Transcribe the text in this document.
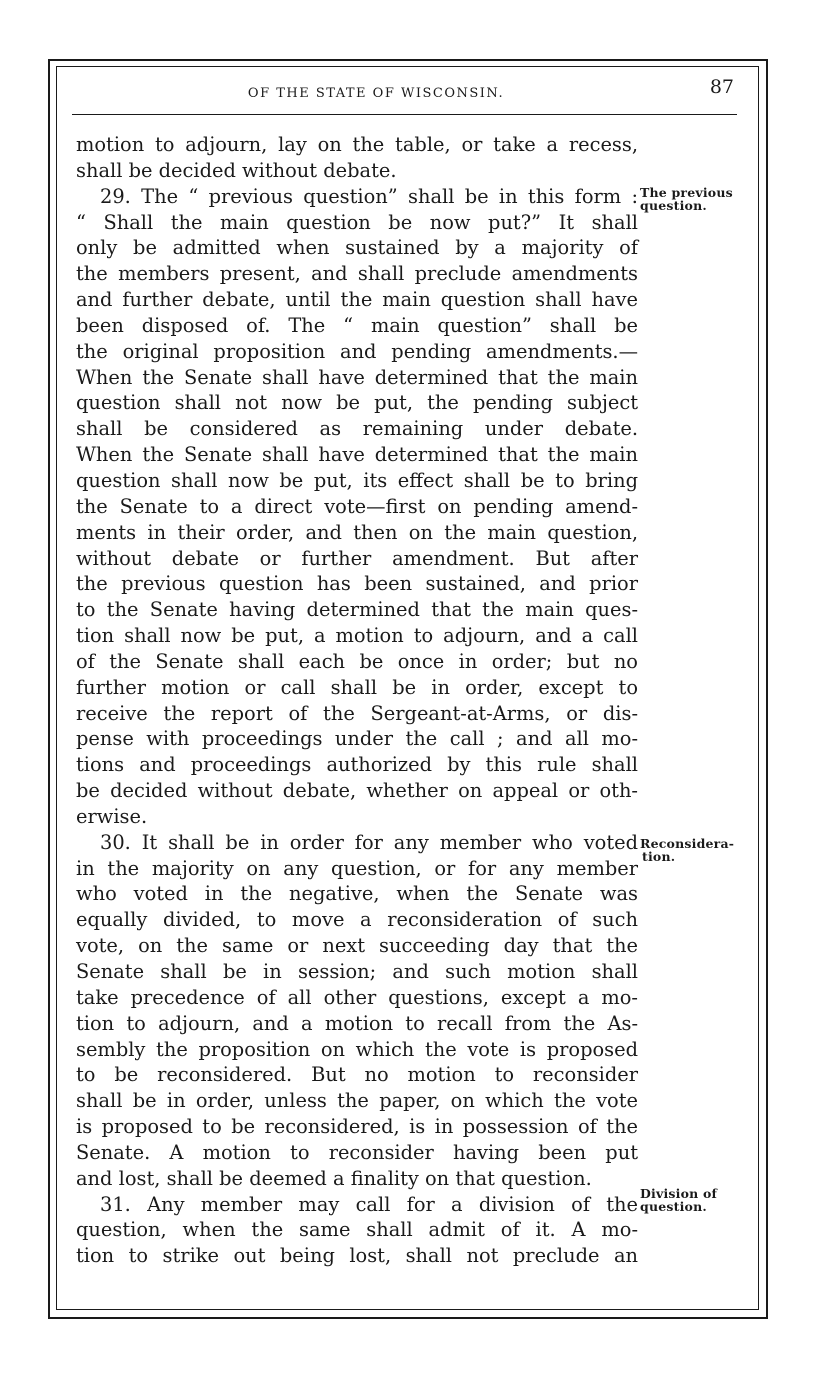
OF THE STATE OF WISCONSIN.	87
motion to adjourn, lay on the table, or take a recess,
shall be decided without debate.
29. The “ previous question” shall be in this form :
“ Shall the main question be now put?” It shall
only be admitted when sustained by a majority of
the members present, and shall preclude amendments
and further debate, until the main question shall have
been disposed of. The “ main question” shall be
the original proposition and pending amendments.—
When the Senate shall have determined that the main
question shall not now be put, the pending subject
shall be considered as remaining under debate.
When the Senate shall have determined that the main
question shall now be put, its effect shall be to bring
the Senate to a direct vote—first on pending amend-
ments in their order, and then on the main question,
without debate or further amendment. But after
the previous question has been sustained, and prior
to the Senate having determined that the main ques-
tion shall now be put, a motion to adjourn, and a call
of the Senate shall each be once in order; but no
further motion or call shall be in order, except to
receive the report of the Sergeant-at-Arms, or dis-
pense with proceedings under the call ; and all mo-
tions and proceedings authorized by this rule shall
be decided without debate, whether on appeal or oth-
erwise.
30. It shall be in order for any member who voted
in the majority on any question, or for any member
who voted in the negative, when the Senate was
equally divided, to move a reconsideration of such
vote, on the same or next succeeding day that the
Senate shall be in session; and such motion shall
take precedence of all other questions, except a mo-
tion to adjourn, and a motion to recall from the As-
sembly the proposition on which the vote is proposed
to be reconsidered. But no motion to reconsider
shall be in order, unless the paper, on which the vote
is proposed to be reconsidered, is in possession of the
Senate. A motion to reconsider having been put
and lost, shall be deemed a finality on that question.
31. Any member may call for a division of the
question, when the same shall admit of it. A mo-
tion to strike out being lost, shall not preclude an
The previous
question.
Reconsidera-
tion.
Division of
question.
